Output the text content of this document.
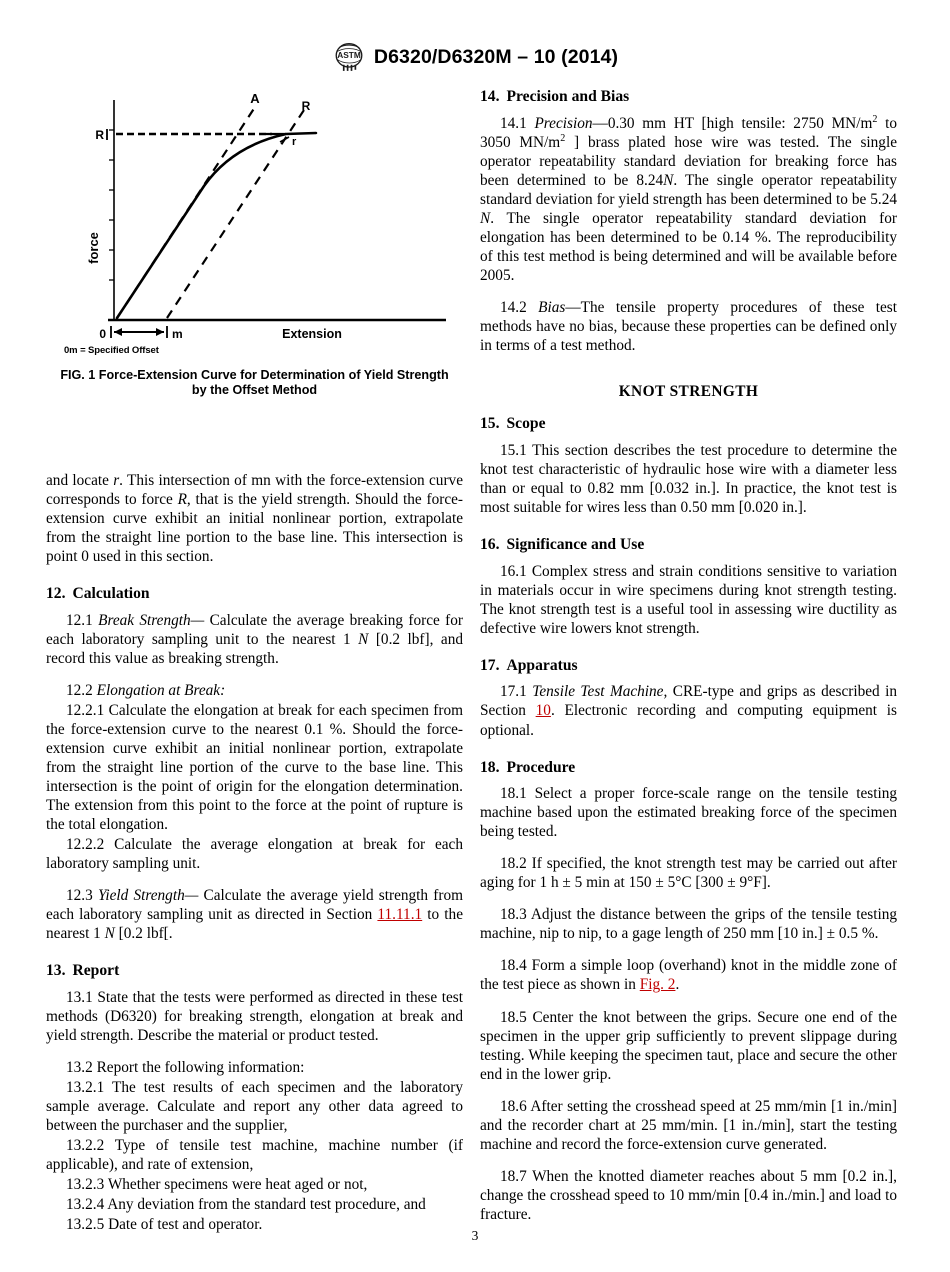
ASTM D6320/D6320M – 10 (2014)
A	R
r
R
force
Extension
0	m
0m = Specified Offset
FIG. 1 Force-Extension Curve for Determination of Yield Strength
by the Offset Method

and locate r. This intersection of mn with the force-extension curve corresponds to force R, that is the yield strength. Should the force-extension curve exhibit an initial nonlinear portion, extrapolate from the straight line portion to the base line. This intersection is point 0 used in this section.

12. Calculation

12.1 Break Strength— Calculate the average breaking force for each laboratory sampling unit to the nearest 1 N [0.2 lbf], and record this value as breaking strength.

12.2 Elongation at Break:

12.2.1 Calculate the elongation at break for each specimen from the force-extension curve to the nearest 0.1 %. Should the force-extension curve exhibit an initial nonlinear portion, extrapolate from the straight line portion of the curve to the base line. This intersection is the point of origin for the elongation determination. The extension from this point to the force at the point of rupture is the total elongation.

12.2.2 Calculate the average elongation at break for each laboratory sampling unit.

12.3 Yield Strength— Calculate the average yield strength from each laboratory sampling unit as directed in Section 11.11.1 to the nearest 1 N [0.2 lbf[.

13. Report

13.1 State that the tests were performed as directed in these test methods (D6320) for breaking strength, elongation at break and yield strength. Describe the material or product tested.

13.2 Report the following information:

13.2.1 The test results of each specimen and the laboratory sample average. Calculate and report any other data agreed to between the purchaser and the supplier,

13.2.2 Type of tensile test machine, machine number (if applicable), and rate of extension,

13.2.3 Whether specimens were heat aged or not,

13.2.4 Any deviation from the standard test procedure, and

13.2.5 Date of test and operator.

14. Precision and Bias

14.1 Precision—0.30 mm HT [high tensile: 2750 $MN/m^2$ to 3050 $MN/m^2$ ] brass plated hose wire was tested. The single operator repeatability standard deviation for breaking force has been determined to be 8.24N. The single operator repeatability standard deviation for yield strength has been determined to be 5.24 N. The single operator repeatability standard deviation for elongation has been determined to be 0.14 %. The reproducibility of this test method is being determined and will be available before 2005.

14.2 Bias—The tensile property procedures of these test methods have no bias, because these properties can be defined only in terms of a test method.

KNOT STRENGTH
15. Scope

15.1 This section describes the test procedure to determine the knot test characteristic of hydraulic hose wire with a diameter less than or equal to 0.82 mm [0.032 in.]. In practice, the knot test is most suitable for wires less than 0.50 mm [0.020 in.].

16. Significance and Use

16.1 Complex stress and strain conditions sensitive to variation in materials occur in wire specimens during knot strength testing. The knot strength test is a useful tool in assessing wire ductility as defective wire lowers knot strength.

17. Apparatus

17.1 Tensile Test Machine, CRE-type and grips as described in Section 10. Electronic recording and computing equipment is optional.

18. Procedure

18.1 Select a proper force-scale range on the tensile testing machine based upon the estimated breaking force of the specimen being tested.

18.2 If specified, the knot strength test may be carried out after aging for 1 h ± 5 min at 150 ± 5°C [300 ± 9°F].

18.3 Adjust the distance between the grips of the tensile testing machine, nip to nip, to a gage length of 250 mm [10 in.] ± 0.5 %.

18.4 Form a simple loop (overhand) knot in the middle zone of the test piece as shown in Fig. 2.

18.5 Center the knot between the grips. Secure one end of the specimen in the upper grip sufficiently to prevent slippage during testing. While keeping the specimen taut, place and secure the other end in the lower grip.

18.6 After setting the crosshead speed at 25 mm/min [1 in./min] and the recorder chart at 25 mm/min. [1 in./min], start the testing machine and record the force-extension curve generated.

18.7 When the knotted diameter reaches about 5 mm [0.2 in.], change the crosshead speed to 10 mm/min [0.4 in./min.] and load to fracture.

3
